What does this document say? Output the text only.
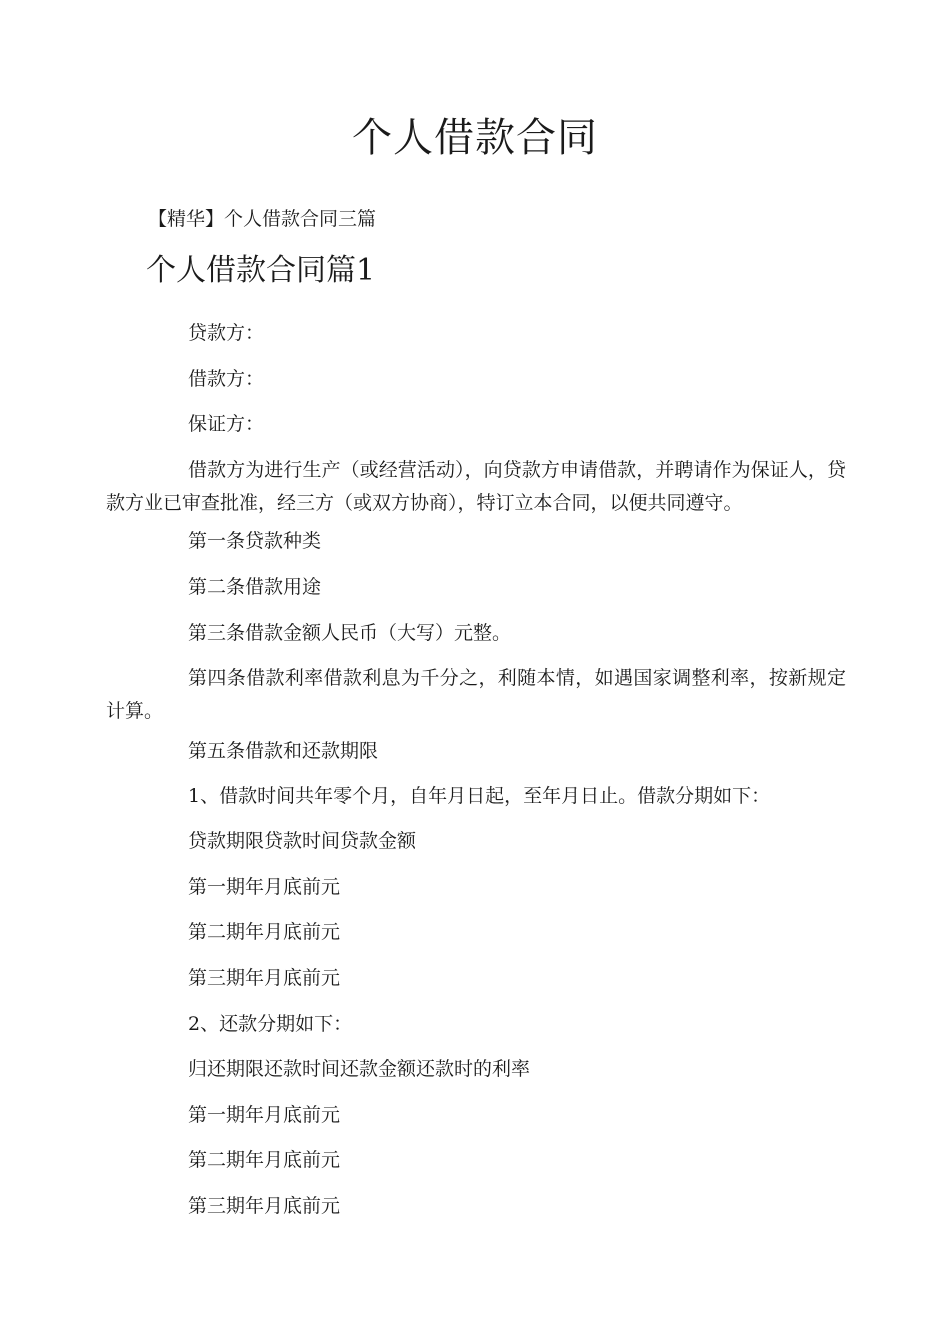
个人借款合同
【精华】个人借款合同三篇
个人借款合同篇1
贷款方：
借款方：
保证方：
借款方为进行生产（或经营活动），向贷款方申请借款，并聘请作为保证人，贷款方业已审查批准，经三方（或双方协商），特订立本合同，以便共同遵守。
第一条贷款种类
第二条借款用途
第三条借款金额人民币（大写）元整。
第四条借款利率借款利息为千分之，利随本情，如遇国家调整利率，按新规定计算。
第五条借款和还款期限
1、借款时间共年零个月，自年月日起，至年月日止。借款分期如下：
贷款期限贷款时间贷款金额
第一期年月底前元
第二期年月底前元
第三期年月底前元
2、还款分期如下：
归还期限还款时间还款金额还款时的利率
第一期年月底前元
第二期年月底前元
第三期年月底前元
